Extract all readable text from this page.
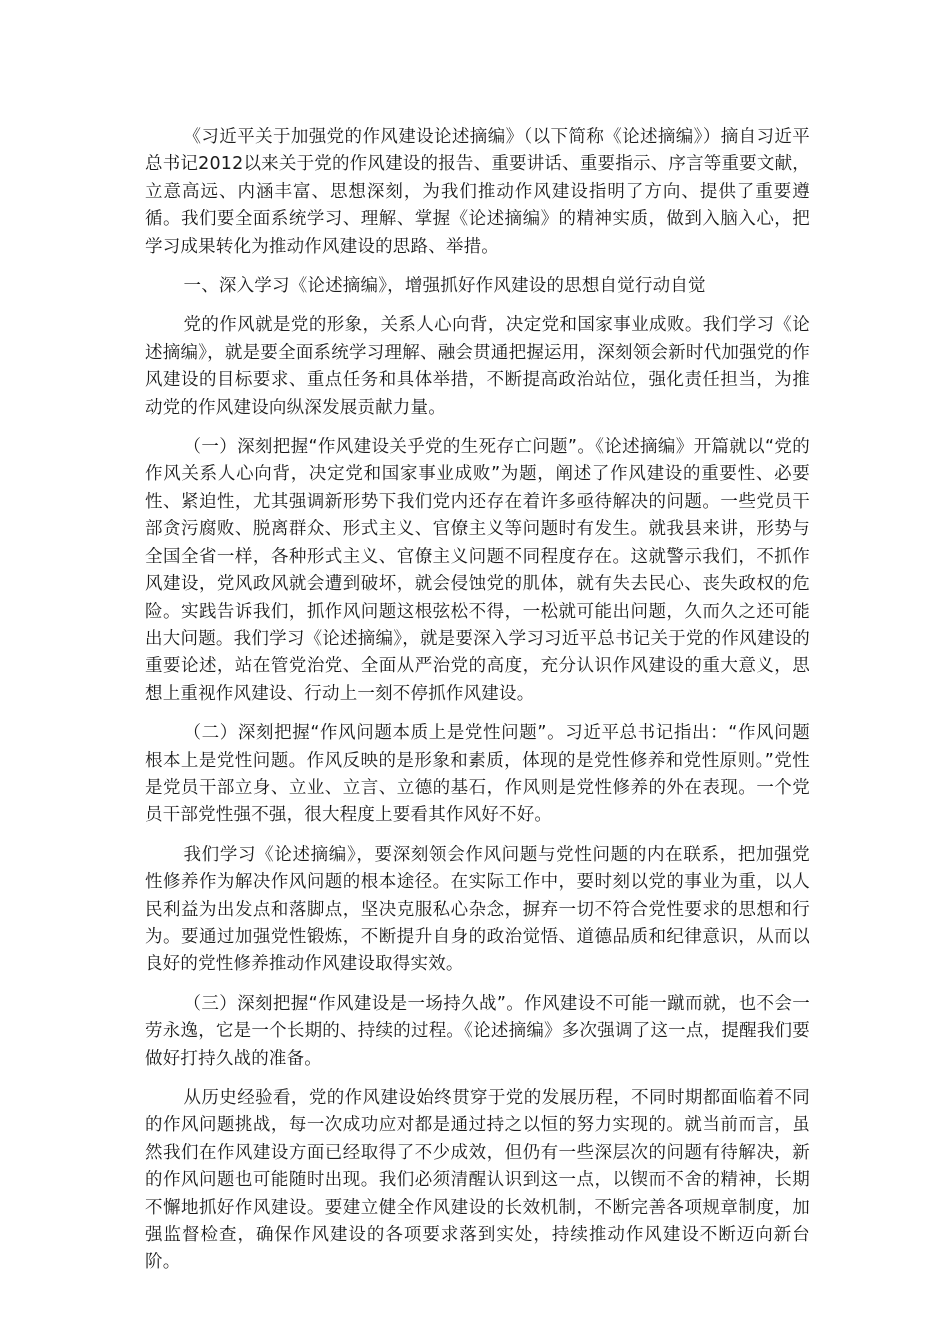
《习近平关于加强党的作风建设论述摘编》（以下简称《论述摘编》）摘自习近平总书记2012以来关于党的作风建设的报告、重要讲话、重要指示、序言等重要文献，立意高远、内涵丰富、思想深刻，为我们推动作风建设指明了方向、提供了重要遵循。我们要全面系统学习、理解、掌握《论述摘编》的精神实质，做到入脑入心，把学习成果转化为推动作风建设的思路、举措。

一、深入学习《论述摘编》，增强抓好作风建设的思想自觉行动自觉

党的作风就是党的形象，关系人心向背，决定党和国家事业成败。我们学习《论述摘编》，就是要全面系统学习理解、融会贯通把握运用，深刻领会新时代加强党的作风建设的目标要求、重点任务和具体举措，不断提高政治站位，强化责任担当，为推动党的作风建设向纵深发展贡献力量。

（一）深刻把握“作风建设关乎党的生死存亡问题”。《论述摘编》开篇就以“党的作风关系人心向背，决定党和国家事业成败”为题，阐述了作风建设的重要性、必要性、紧迫性，尤其强调新形势下我们党内还存在着许多亟待解决的问题。一些党员干部贪污腐败、脱离群众、形式主义、官僚主义等问题时有发生。就我县来讲，形势与全国全省一样，各种形式主义、官僚主义问题不同程度存在。这就警示我们，不抓作风建设，党风政风就会遭到破坏，就会侵蚀党的肌体，就有失去民心、丧失政权的危险。实践告诉我们，抓作风问题这根弦松不得，一松就可能出问题，久而久之还可能出大问题。我们学习《论述摘编》，就是要深入学习习近平总书记关于党的作风建设的重要论述，站在管党治党、全面从严治党的高度，充分认识作风建设的重大意义，思想上重视作风建设、行动上一刻不停抓作风建设。

（二）深刻把握“作风问题本质上是党性问题”。习近平总书记指出：“作风问题根本上是党性问题。作风反映的是形象和素质，体现的是党性修养和党性原则。”党性是党员干部立身、立业、立言、立德的基石，作风则是党性修养的外在表现。一个党员干部党性强不强，很大程度上要看其作风好不好。

我们学习《论述摘编》，要深刻领会作风问题与党性问题的内在联系，把加强党性修养作为解决作风问题的根本途径。在实际工作中，要时刻以党的事业为重，以人民利益为出发点和落脚点，坚决克服私心杂念，摒弃一切不符合党性要求的思想和行为。要通过加强党性锻炼，不断提升自身的政治觉悟、道德品质和纪律意识，从而以良好的党性修养推动作风建设取得实效。

（三）深刻把握“作风建设是一场持久战”。作风建设不可能一蹴而就，也不会一劳永逸，它是一个长期的、持续的过程。《论述摘编》多次强调了这一点，提醒我们要做好打持久战的准备。

从历史经验看，党的作风建设始终贯穿于党的发展历程，不同时期都面临着不同的作风问题挑战，每一次成功应对都是通过持之以恒的努力实现的。就当前而言，虽然我们在作风建设方面已经取得了不少成效，但仍有一些深层次的问题有待解决，新的作风问题也可能随时出现。我们必须清醒认识到这一点，以锲而不舍的精神，长期不懈地抓好作风建设。要建立健全作风建设的长效机制，不断完善各项规章制度，加强监督检查，确保作风建设的各项要求落到实处，持续推动作风建设不断迈向新台阶。
